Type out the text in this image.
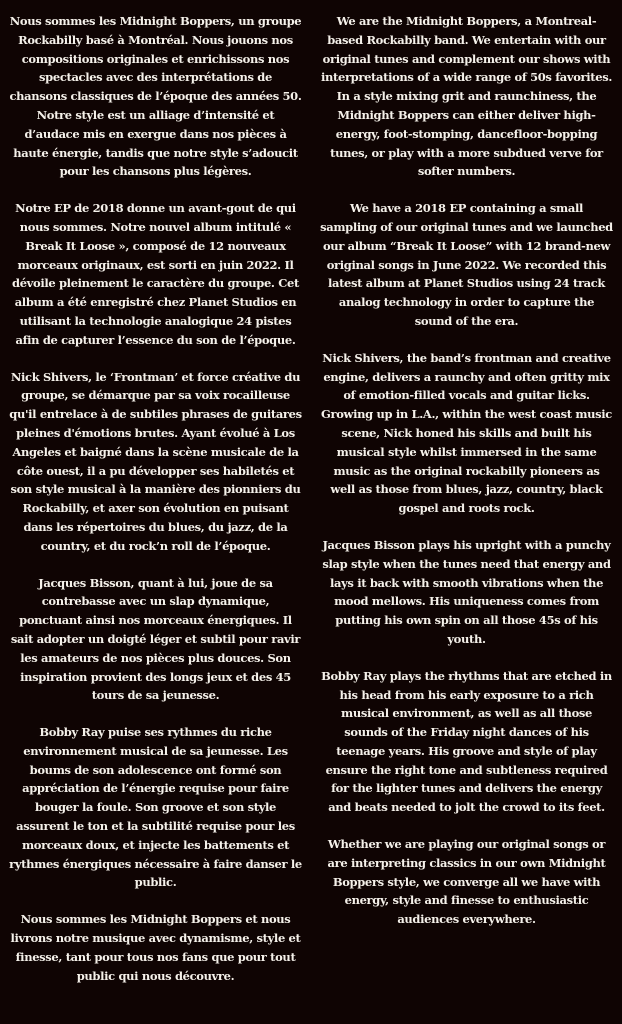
Nous sommes les Midnight Boppers, un groupe Rockabilly basé à Montréal. Nous jouons nos compositions originales et enrichissons nos spectacles avec des interprétations de chansons classiques de l’époque des années 50. Notre style est un alliage d’intensité et d’audace mis en exergue dans nos pièces à haute énergie, tandis que notre style s’adoucit pour les chansons plus légères.

Notre EP de 2018 donne un avant-gout de qui nous sommes. Notre nouvel album intitulé « Break It Loose », composé de 12 nouveaux morceaux originaux, est sorti en juin 2022. Il dévoile pleinement le caractère du groupe. Cet album a été enregistré chez Planet Studios en utilisant la technologie analogique 24 pistes afin de capturer l’essence du son de l’époque.

Nick Shivers, le ‘Frontman’ et force créative du groupe, se démarque par sa voix rocailleuse qu'il entrelace à de subtiles phrases de guitares pleines d'émotions brutes. Ayant évolué à Los Angeles et baigné dans la scène musicale de la côte ouest, il a pu développer ses habiletés et son style musical à la manière des pionniers du Rockabilly, et axer son évolution en puisant dans les répertoires du blues, du jazz, de la country, et du rock’n roll de l’époque.

Jacques Bisson, quant à lui, joue de sa contrebasse avec un slap dynamique, ponctuant ainsi nos morceaux énergiques. Il sait adopter un doigté léger et subtil pour ravir les amateurs de nos pièces plus douces. Son inspiration provient des longs jeux et des 45 tours de sa jeunesse.

Bobby Ray puise ses rythmes du riche environnement musical de sa jeunesse. Les boums de son adolescence ont formé son appréciation de l’énergie requise pour faire bouger la foule. Son groove et son style assurent le ton et la subtilité requise pour les morceaux doux, et injecte les battements et rythmes énergiques nécessaire à faire danser le public.

Nous sommes les Midnight Boppers et nous livrons notre musique avec dynamisme, style et finesse, tant pour tous nos fans que pour tout public qui nous découvre.

We are the Midnight Boppers, a Montreal-based Rockabilly band. We entertain with our original tunes and complement our shows with interpretations of a wide range of 50s favorites. In a style mixing grit and raunchiness, the Midnight Boppers can either deliver high-energy, foot-stomping, dancefloor-bopping tunes, or play with a more subdued verve for softer numbers.

We have a 2018 EP containing a small sampling of our original tunes and we launched our album “Break It Loose” with 12 brand-new original songs in June 2022. We recorded this latest album at Planet Studios using 24 track analog technology in order to capture the sound of the era.

Nick Shivers, the band’s frontman and creative engine, delivers a raunchy and often gritty mix of emotion-filled vocals and guitar licks. Growing up in L.A., within the west coast music scene, Nick honed his skills and built his musical style whilst immersed in the same music as the original rockabilly pioneers as well as those from blues, jazz, country, black gospel and roots rock.

Jacques Bisson plays his upright with a punchy slap style when the tunes need that energy and lays it back with smooth vibrations when the mood mellows. His uniqueness comes from putting his own spin on all those 45s of his youth.

Bobby Ray plays the rhythms that are etched in his head from his early exposure to a rich musical environment, as well as all those sounds of the Friday night dances of his teenage years. His groove and style of play ensure the right tone and subtleness required for the lighter tunes and delivers the energy and beats needed to jolt the crowd to its feet.

Whether we are playing our original songs or are interpreting classics in our own Midnight Boppers style, we converge all we have with energy, style and finesse to enthusiastic audiences everywhere.
